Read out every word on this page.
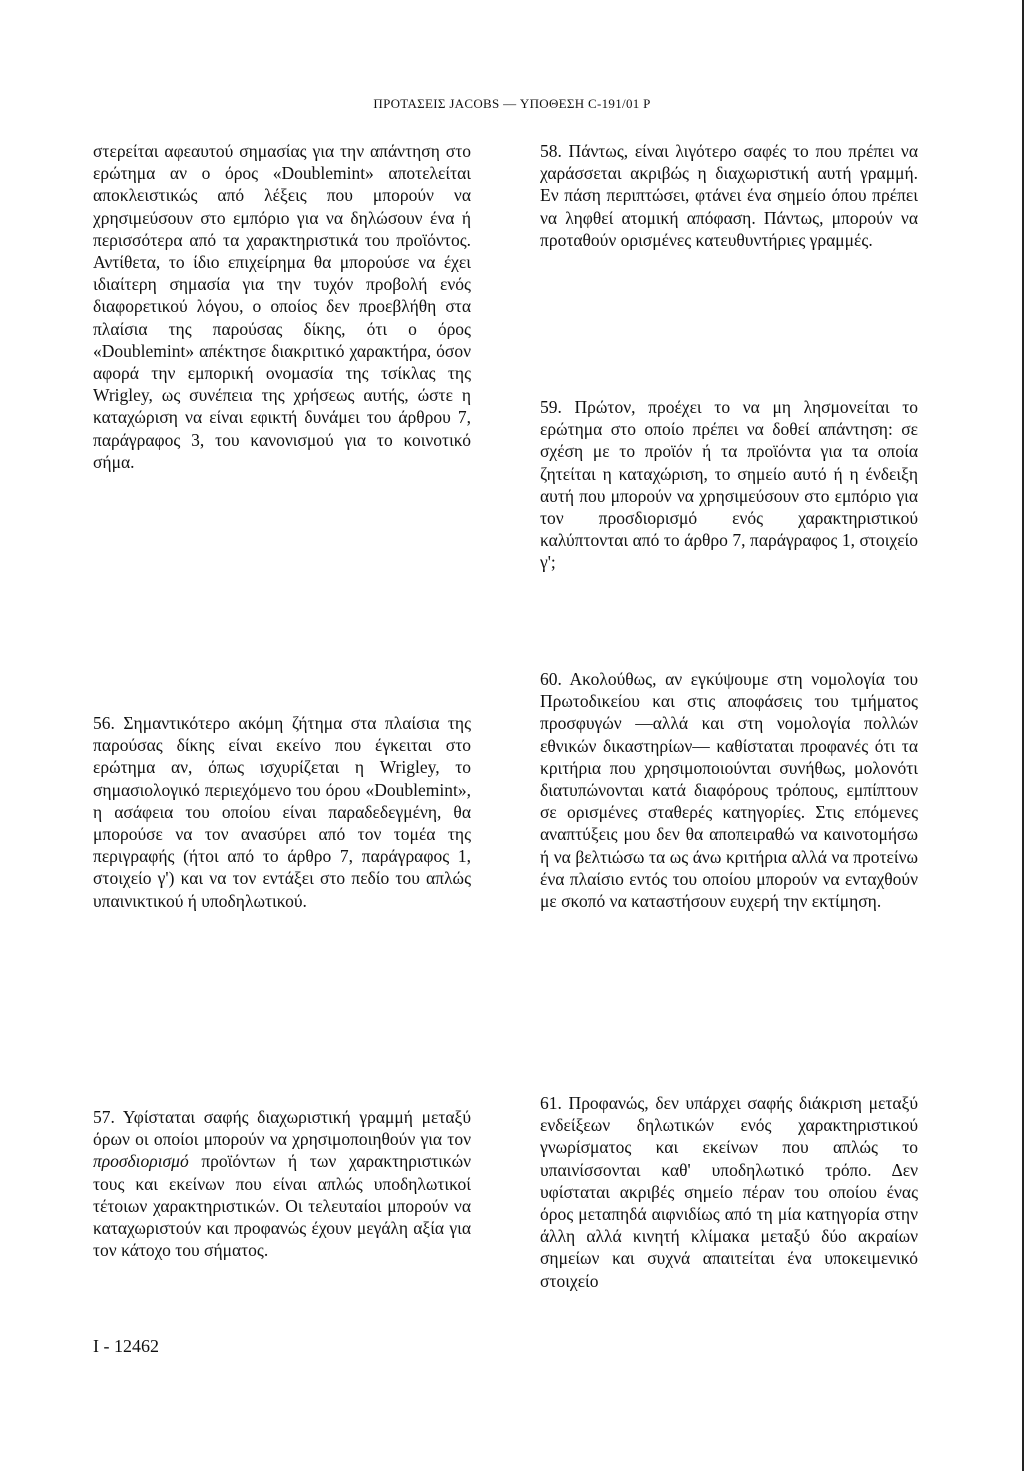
ΠΡΟΤΑΣΕΙΣ JACOBS — ΥΠΟΘΕΣΗ C-191/01 P

στερείται αφεαυτού σημασίας για την απάντηση στο ερώτημα αν ο όρος «Doublemint» αποτελείται αποκλειστικώς από λέξεις που μπορούν να χρησιμεύσουν στο εμπόριο για να δηλώσουν ένα ή περισσότερα από τα χαρακτηριστικά του προϊόντος. Αντίθετα, το ίδιο επιχείρημα θα μπορούσε να έχει ιδιαίτερη σημασία για την τυχόν προβολή ενός διαφορετικού λόγου, ο οποίος δεν προεβλήθη στα πλαίσια της παρούσας δίκης, ότι ο όρος «Doublemint» απέκτησε διακριτικό χαρακτήρα, όσον αφορά την εμπορική ονομασία της τσίκλας της Wrigley, ως συνέπεια της χρήσεως αυτής, ώστε η καταχώριση να είναι εφικτή δυνάμει του άρθρου 7, παράγραφος 3, του κανονισμού για το κοινοτικό σήμα.

56. Σημαντικότερο ακόμη ζήτημα στα πλαίσια της παρούσας δίκης είναι εκείνο που έγκειται στο ερώτημα αν, όπως ισχυρίζεται η Wrigley, το σημασιολογικό περιεχόμενο του όρου «Doublemint», η ασάφεια του οποίου είναι παραδεδεγμένη, θα μπορούσε να τον ανασύρει από τον τομέα της περιγραφής (ήτοι από το άρθρο 7, παράγραφος 1, στοιχείο γ') και να τον εντάξει στο πεδίο του απλώς υπαινικτικού ή υποδηλωτικού.

57. Υφίσταται σαφής διαχωριστική γραμμή μεταξύ όρων οι οποίοι μπορούν να χρησιμοποιηθούν για τον προσδιορισμό προϊόντων ή των χαρακτηριστικών τους και εκείνων που είναι απλώς υποδηλωτικοί τέτοιων χαρακτηριστικών. Οι τελευταίοι μπορούν να καταχωριστούν και προφανώς έχουν μεγάλη αξία για τον κάτοχο του σήματος.

58. Πάντως, είναι λιγότερο σαφές το που πρέπει να χαράσσεται ακριβώς η διαχωριστική αυτή γραμμή. Εν πάση περιπτώσει, φτάνει ένα σημείο όπου πρέπει να ληφθεί ατομική απόφαση. Πάντως, μπορούν να προταθούν ορισμένες κατευθυντήριες γραμμές.

59. Πρώτον, προέχει το να μη λησμονείται το ερώτημα στο οποίο πρέπει να δοθεί απάντηση: σε σχέση με το προϊόν ή τα προϊόντα για τα οποία ζητείται η καταχώριση, το σημείο αυτό ή η ένδειξη αυτή που μπορούν να χρησιμεύσουν στο εμπόριο για τον προσδιορισμό ενός χαρακτηριστικού καλύπτονται από το άρθρο 7, παράγραφος 1, στοιχείο γ';

60. Ακολούθως, αν εγκύψουμε στη νομολογία του Πρωτοδικείου και στις αποφάσεις του τμήματος προσφυγών —αλλά και στη νομολογία πολλών εθνικών δικαστηρίων— καθίσταται προφανές ότι τα κριτήρια που χρησιμοποιούνται συνήθως, μολονότι διατυπώνονται κατά διαφόρους τρόπους, εμπίπτουν σε ορισμένες σταθερές κατηγορίες. Στις επόμενες αναπτύξεις μου δεν θα αποπειραθώ να καινοτομήσω ή να βελτιώσω τα ως άνω κριτήρια αλλά να προτείνω ένα πλαίσιο εντός του οποίου μπορούν να ενταχθούν με σκοπό να καταστήσουν ευχερή την εκτίμηση.

61. Προφανώς, δεν υπάρχει σαφής διάκριση μεταξύ ενδείξεων δηλωτικών ενός χαρακτηριστικού γνωρίσματος και εκείνων που απλώς το υπαινίσσονται καθ' υποδηλωτικό τρόπο. Δεν υφίσταται ακριβές σημείο πέραν του οποίου ένας όρος μεταπηδά αιφνιδίως από τη μία κατηγορία στην άλλη αλλά κινητή κλίμακα μεταξύ δύο ακραίων σημείων και συχνά απαιτείται ένα υποκειμενικό στοιχείο

I - 12462
